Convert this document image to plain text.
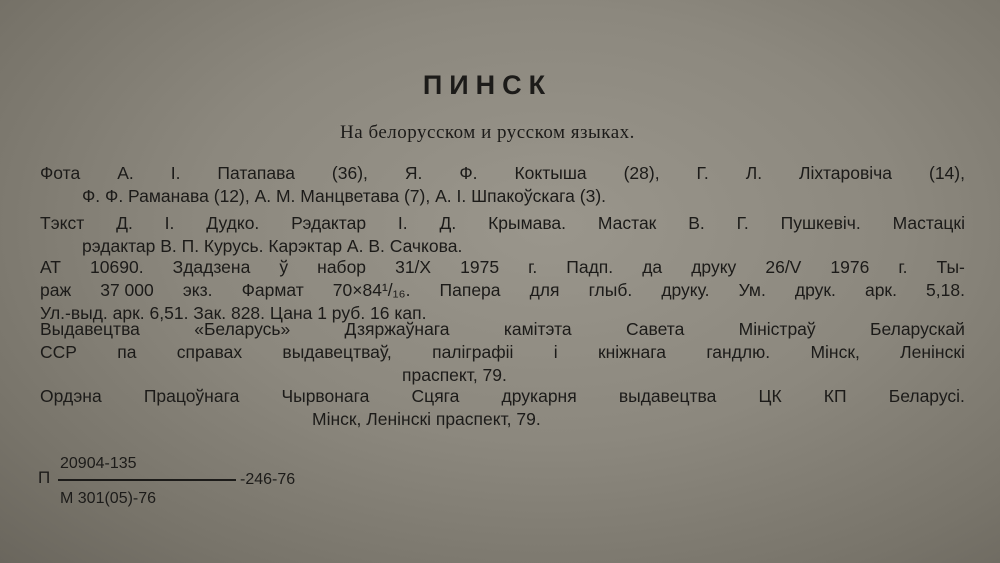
ПИНСК
На белорусском и русском языках.
Фота А. І. Патапава (36), Я. Ф. Коктыша (28), Г. Л. Ліхтаровіча (14),
Ф. Ф. Раманава (12), А. М. Манцветава (7), А. І. Шпакоўскага (3).
Тэкст Д. І. Дудко. Рэдактар І. Д. Крымава. Мастак В. Г. Пушкевіч. Мастацкі
рэдактар В. П. Курусь. Карэктар А. В. Сачкова.
АТ 10690. Здадзена ў набор 31/Х 1975 г. Падп. да друку 26/V 1976 г. Ты-
раж 37 000 экз. Фармат 70×84¹/₁₆. Папера для глыб. друку. Ум. друк. арк. 5,18.
Ул.-выд. арк. 6,51. Зак. 828. Цана 1 руб. 16 кап.
Выдавецтва	«Беларусь»	Дзяржаўнага	камітэта	Савета	Міністраў	Беларускай
ССР па справах выдавецтваў, паліграфіі і кніжнага гандлю. Мінск, Ленінскі
праспект, 79.
Ордэна Працоўнага Чырвонага Сцяга друкарня выдавецтва ЦК КП Беларусі.
Мінск, Ленінскі праспект, 79.
П
20904-135
М 301(05)-76
-246-76
